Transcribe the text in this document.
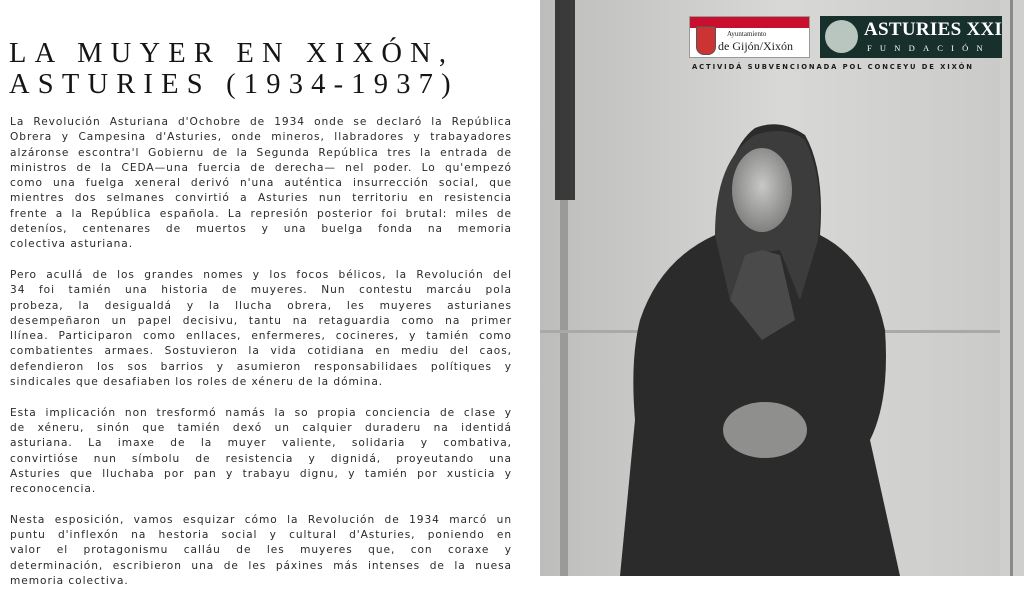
LA MUYER EN XIXÓN,
ASTURIES (1934-1937)
La Revolución Asturiana d'Ochobre de 1934 onde se declaró la República
Obrera y Campesina d'Asturies, onde mineros, llabradores y trabayadores
alzáronse escontra'l Gobiernu de la Segunda República tres la entrada de
ministros de la CEDA—una fuercia de derecha— nel poder. Lo qu'empezó
como una fuelga xeneral derivó n'una auténtica insurrección social, que
mientres dos selmanes convirtió a Asturies nun territoriu en resistencia
frente a la República española. La represión posterior foi brutal: miles de
deteníos, centenares de muertos y una buelga fonda na memoria
colectiva asturiana.
Pero acullá de los grandes nomes y los focos bélicos, la Revolución del
34 foi tamién una historia de muyeres. Nun contestu marcáu pola
probeza, la desigualdá y la llucha obrera, les muyeres asturianes
desempeñaron un papel decisivu, tantu na retaguardia como na primer
llínea. Participaron como enllaces, enfermeres, cocineres, y tamién como
combatientes armaes. Sostuvieron la vida cotidiana en mediu del caos,
defendieron los sos barrios y asumieron responsabilidaes polítiques y
sindicales que desafiaben los roles de xéneru de la dómina.
Esta implicación non tresformó namás la so propia conciencia de clase y
de xéneru, sinón que tamién dexó un calquier duraderu na identidá
asturiana. La imaxe de la muyer valiente, solidaria y combativa,
convirtióse nun símbolu de resistencia y dignidá, proyeutando una
Asturies que lluchaba por pan y trabayu dignu, y tamién por xusticia y
reconocencia.
Nesta esposición, vamos esquizar cómo la Revolución de 1934 marcó un
puntu d'inflexón na hestoria social y cultural d'Asturies, poniendo en
valor el protagonismu calláu de les muyeres que, con coraxe y
determinación, escribieron una de les páxines más intenses de la nuesa
memoria colectiva.
Ayuntamiento
de Gijón/Xixón
ASTURIES XXI
FUNDACIÓN
ACTIVIDÁ SUBVENCIONADA POL CONCEYU DE XIXÓN
